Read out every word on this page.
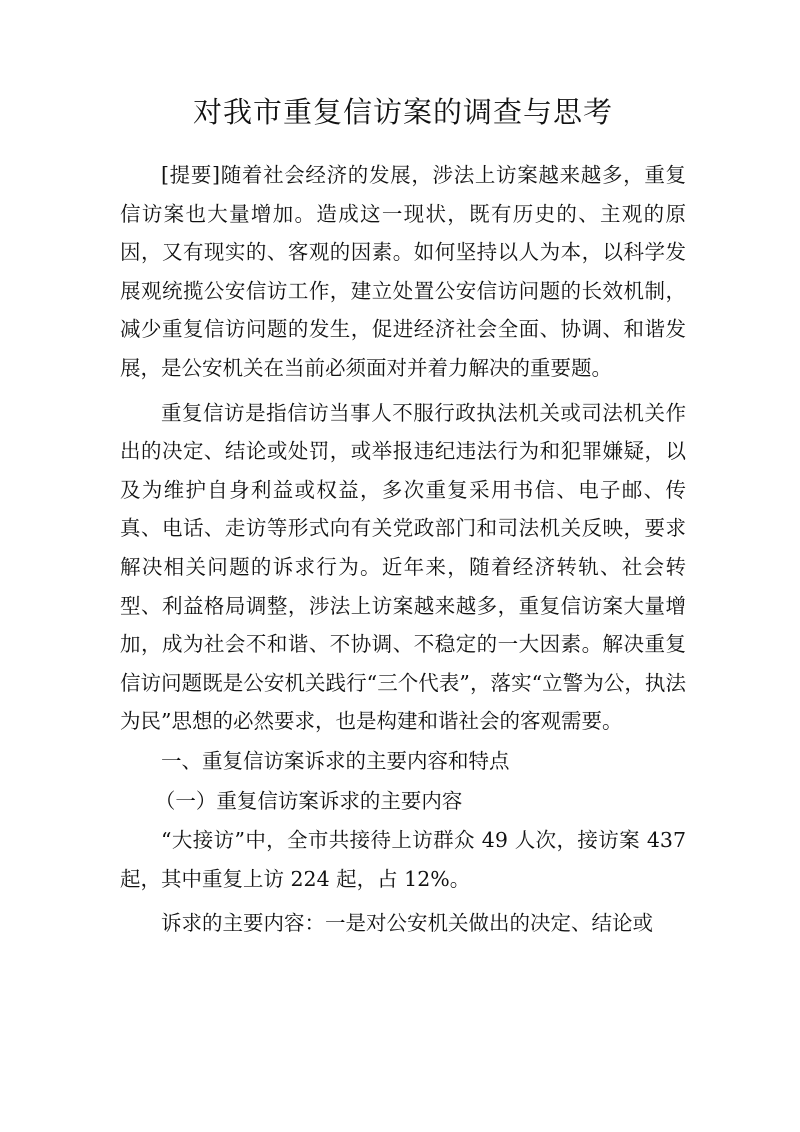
对我市重复信访案的调查与思考

[提要]随着社会经济的发展，涉法上访案越来越多，重复信访案也大量增加。造成这一现状，既有历史的、主观的原因，又有现实的、客观的因素。如何坚持以人为本，以科学发展观统揽公安信访工作，建立处置公安信访问题的长效机制，减少重复信访问题的发生，促进经济社会全面、协调、和谐发展，是公安机关在当前必须面对并着力解决的重要题。

重复信访是指信访当事人不服行政执法机关或司法机关作出的决定、结论或处罚，或举报违纪违法行为和犯罪嫌疑，以及为维护自身利益或权益，多次重复采用书信、电子邮、传真、电话、走访等形式向有关党政部门和司法机关反映，要求解决相关问题的诉求行为。近年来，随着经济转轨、社会转型、利益格局调整，涉法上访案越来越多，重复信访案大量增加，成为社会不和谐、不协调、不稳定的一大因素。解决重复信访问题既是公安机关践行“三个代表”，落实“立警为公，执法为民”思想的必然要求，也是构建和谐社会的客观需要。

一、重复信访案诉求的主要内容和特点

（一）重复信访案诉求的主要内容

“大接访”中，全市共接待上访群众 49 人次，接访案 437 起，其中重复上访 224 起，占 12%。

诉求的主要内容：一是对公安机关做出的决定、结论或
